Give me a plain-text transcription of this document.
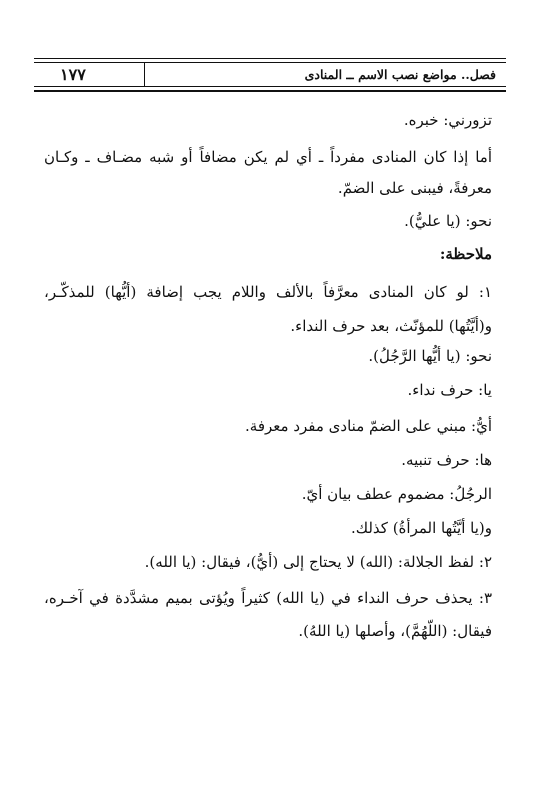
فصل.. مواضع نصب الاسم ــ المنادى
١٧٧
تزورني: خبره.
أما إذا كان المنادى مفرداً ـ أي لم يكن مضافاً أو شبه مضـاف ـ وكـان
معرفةً، فيبنى على الضمّ.
نحو: (يا عليُّ).
ملاحظة:
١: لو كان المنادى معرَّفاً بالألف واللام يجب إضافة (أيُّها) للمذكّـر،
و(أيَّتُها) للمؤنّث، بعد حرف النداء.
نحو: (يا أيُّها الرَّجُلُ).
يا: حرف نداء.
أيُّ: مبني على الضمّ منادى مفرد معرفة.
ها: حرف تنبيه.
الرجُلُ: مضموم عطف بيان أيّ.
و(يا أيَّتُها المرأةُ) كذلك.
٢: لفظ الجلالة: (الله) لا يحتاج إلى (أيُّ)، فيقال: (يا الله).
٣: يحذف حرف النداء في (يا الله) كثيراً ويُؤتى بميم مشدَّدة في آخـره،
فيقال: (اللّهُمَّ)، وأصلها (يا اللهُ).
